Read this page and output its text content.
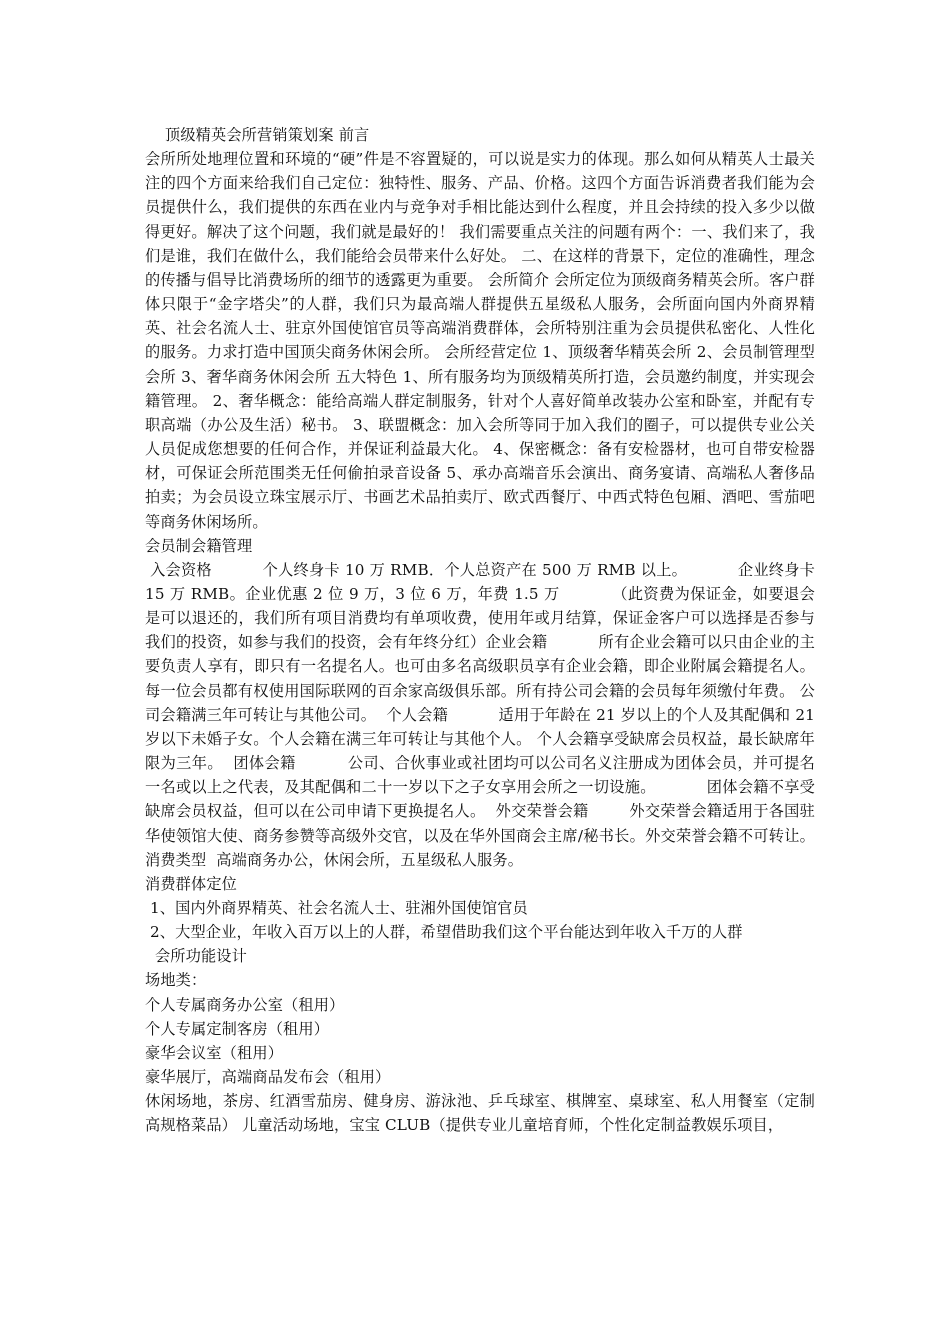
顶级精英会所营销策划案 前言

会所所处地理位置和环境的“硬”件是不容置疑的，可以说是实力的体现。那么如何从精英人士最关注的四个方面来给我们自己定位：独特性、服务、产品、价格。这四个方面告诉消费者我们能为会员提供什么，我们提供的东西在业内与竞争对手相比能达到什么程度，并且会持续的投入多少以做得更好。解决了这个问题，我们就是最好的！ 我们需要重点关注的问题有两个：一、我们来了，我们是谁，我们在做什么，我们能给会员带来什么好处。 二、在这样的背景下，定位的准确性，理念的传播与倡导比消费场所的细节的透露更为重要。 会所简介 会所定位为顶级商务精英会所。客户群体只限于“金字塔尖”的人群，我们只为最高端人群提供五星级私人服务，会所面向国内外商界精英、社会名流人士、驻京外国使馆官员等高端消费群体，会所特别注重为会员提供私密化、人性化的服务。力求打造中国顶尖商务休闲会所。 会所经营定位 1、顶级奢华精英会所 2、会员制管理型会所 3、奢华商务休闲会所 五大特色 1、所有服务均为顶级精英所打造，会员邀约制度，并实现会籍管理。 2、奢华概念：能给高端人群定制服务，针对个人喜好简单改装办公室和卧室，并配有专职高端（办公及生活）秘书。 3、联盟概念：加入会所等同于加入我们的圈子，可以提供专业公关人员促成您想要的任何合作，并保证利益最大化。 4、保密概念：备有安检器材，也可自带安检器材，可保证会所范围类无任何偷拍录音设备 5、承办高端音乐会演出、商务宴请、高端私人奢侈品拍卖；为会员设立珠宝展示厅、书画艺术品拍卖厅、欧式西餐厅、中西式特色包厢、酒吧、雪茄吧等商务休闲场所。

会员制会籍管理

入会资格          个人终身卡 10 万 RMB．个人总资产在 500 万 RMB 以上。          企业终身卡 15 万 RMB。企业优惠 2 位 9 万，3 位 6 万，年费 1.5 万          （此资费为保证金，如要退会是可以退还的，我们所有项目消费均有单项收费，使用年或月结算，保证金客户可以选择是否参与我们的投资，如参与我们的投资，会有年终分红）企业会籍          所有企业会籍可以只由企业的主要负责人享有，即只有一名提名人。也可由多名高级职员享有企业会籍，即企业附属会籍提名人。每一位会员都有权使用国际联网的百余家高级俱乐部。所有持公司会籍的会员每年须缴付年费。 公司会籍满三年可转让与其他公司。  个人会籍          适用于年龄在 21 岁以上的个人及其配偶和 21 岁以下未婚子女。个人会籍在满三年可转让与其他个人。 个人会籍享受缺席会员权益，最长缺席年限为三年。  团体会籍          公司、合伙事业或社团均可以公司名义注册成为团体会员，并可提名一名或以上之代表，及其配偶和二十一岁以下之子女享用会所之一切设施。          团体会籍不享受缺席会员权益，但可以在公司申请下更换提名人。  外交荣誉会籍        外交荣誉会籍适用于各国驻华使领馆大使、商务参赞等高级外交官，以及在华外国商会主席/秘书长。外交荣誉会籍不可转让。 消费类型  高端商务办公，休闲会所，五星级私人服务。

消费群体定位

1、国内外商界精英、社会名流人士、驻湘外国使馆官员

2、大型企业，年收入百万以上的人群，希望借助我们这个平台能达到年收入千万的人群

会所功能设计

场地类：

个人专属商务办公室（租用）

个人专属定制客房（租用）

豪华会议室（租用）

豪华展厅，高端商品发布会（租用）

休闲场地，茶房、红酒雪茄房、健身房、游泳池、乒乓球室、棋牌室、桌球室、私人用餐室（定制高规格菜品） 儿童活动场地，宝宝 CLUB（提供专业儿童培育师，个性化定制益教娱乐项目，
